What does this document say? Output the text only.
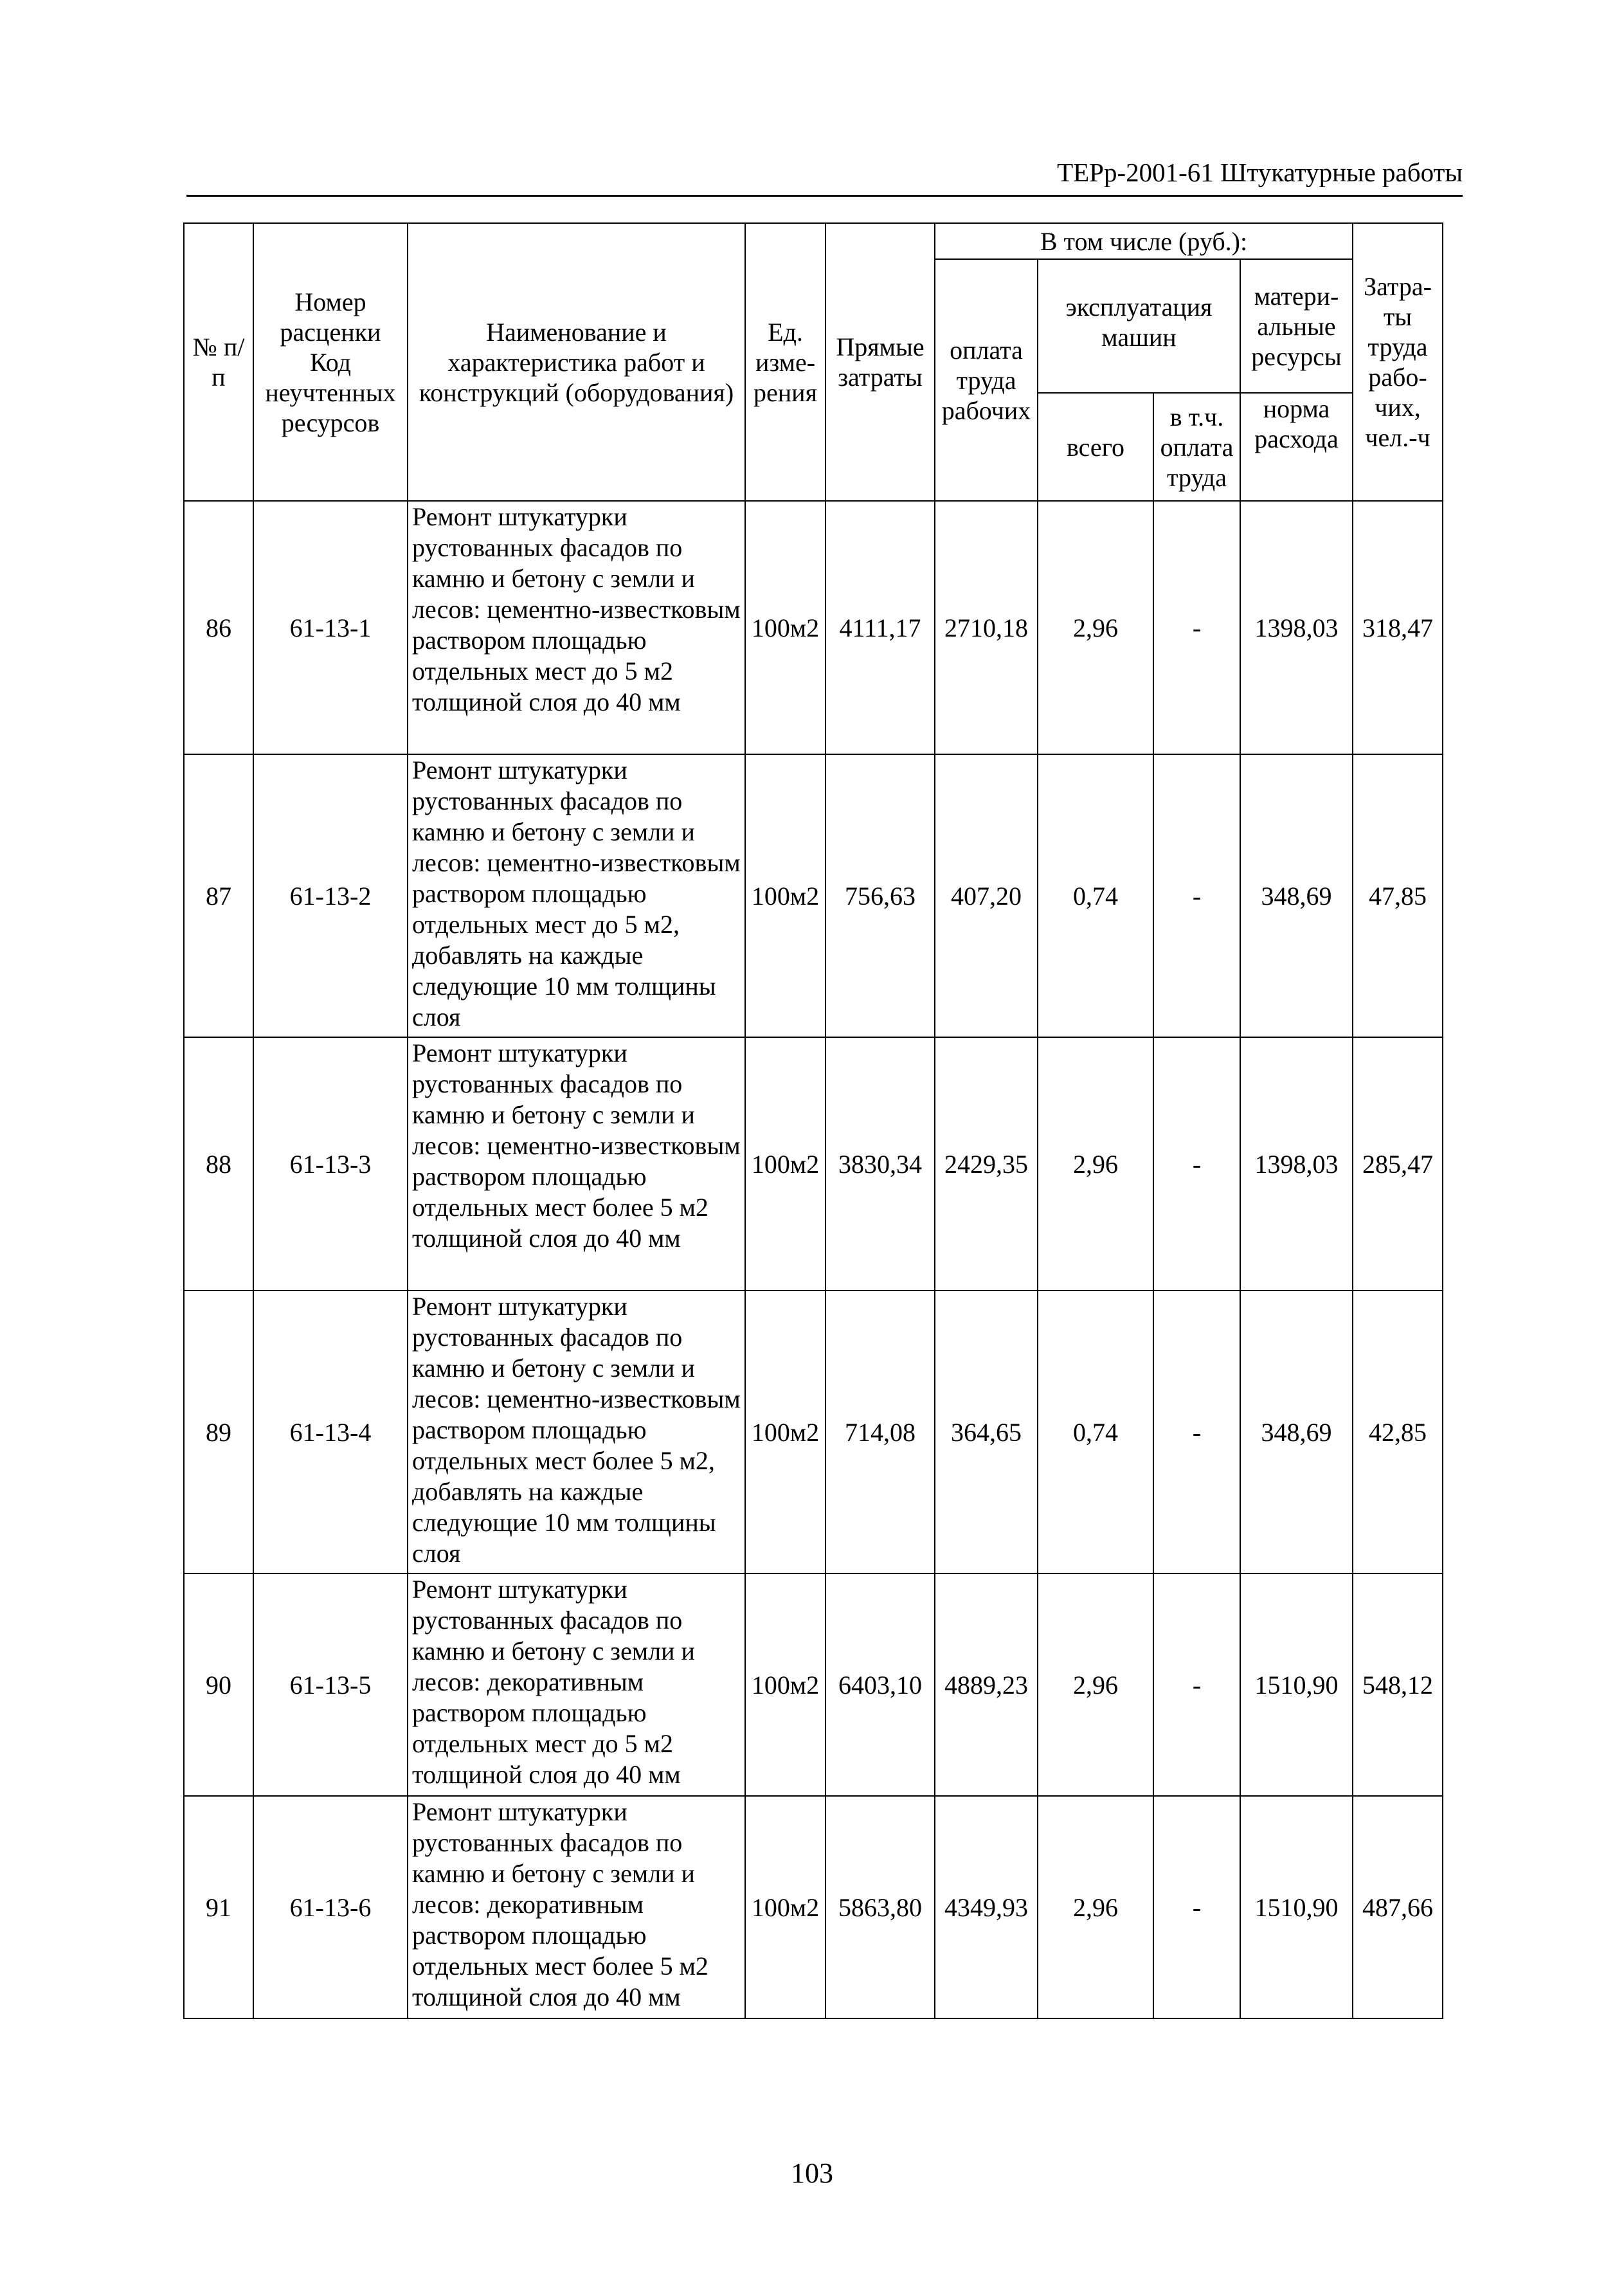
ТЕРр-2001-61 Штукатурные работы
№ п/п	Номер расценки Код неучтенных ресурсов	Наименование и характеристика работ и конструкций (оборудования)	Ед. изме-рения	Прямые затраты	В том числе (руб.):				Затра-ты труда рабо-чих, чел.-ч
					оплата труда рабочих	эксплуатация машин		матери-альные ресурсы	
						всего	в т.ч. оплата труда	норма расхода	
86	61-13-1	Ремонт штукатурки рустованных фасадов по камню и бетону с земли и лесов: цементно-известковым раствором площадью отдельных мест до 5 м2 толщиной слоя до 40 мм	100м2	4111,17	2710,18	2,96	-	1398,03	318,47
87	61-13-2	Ремонт штукатурки рустованных фасадов по камню и бетону с земли и лесов: цементно-известковым раствором площадью отдельных мест до 5 м2, добавлять на каждые следующие 10 мм толщины слоя	100м2	756,63	407,20	0,74	-	348,69	47,85
88	61-13-3	Ремонт штукатурки рустованных фасадов по камню и бетону с земли и лесов: цементно-известковым раствором площадью отдельных мест более 5 м2 толщиной слоя до 40 мм	100м2	3830,34	2429,35	2,96	-	1398,03	285,47
89	61-13-4	Ремонт штукатурки рустованных фасадов по камню и бетону с земли и лесов: цементно-известковым раствором площадью отдельных мест более 5 м2, добавлять на каждые следующие 10 мм толщины слоя	100м2	714,08	364,65	0,74	-	348,69	42,85
90	61-13-5	Ремонт штукатурки рустованных фасадов по камню и бетону с земли и лесов: декоративным раствором площадью отдельных мест до 5 м2 толщиной слоя до 40 мм	100м2	6403,10	4889,23	2,96	-	1510,90	548,12
91	61-13-6	Ремонт штукатурки рустованных фасадов по камню и бетону с земли и лесов: декоративным раствором площадью отдельных мест более 5 м2 толщиной слоя до 40 мм	100м2	5863,80	4349,93	2,96	-	1510,90	487,66
103
